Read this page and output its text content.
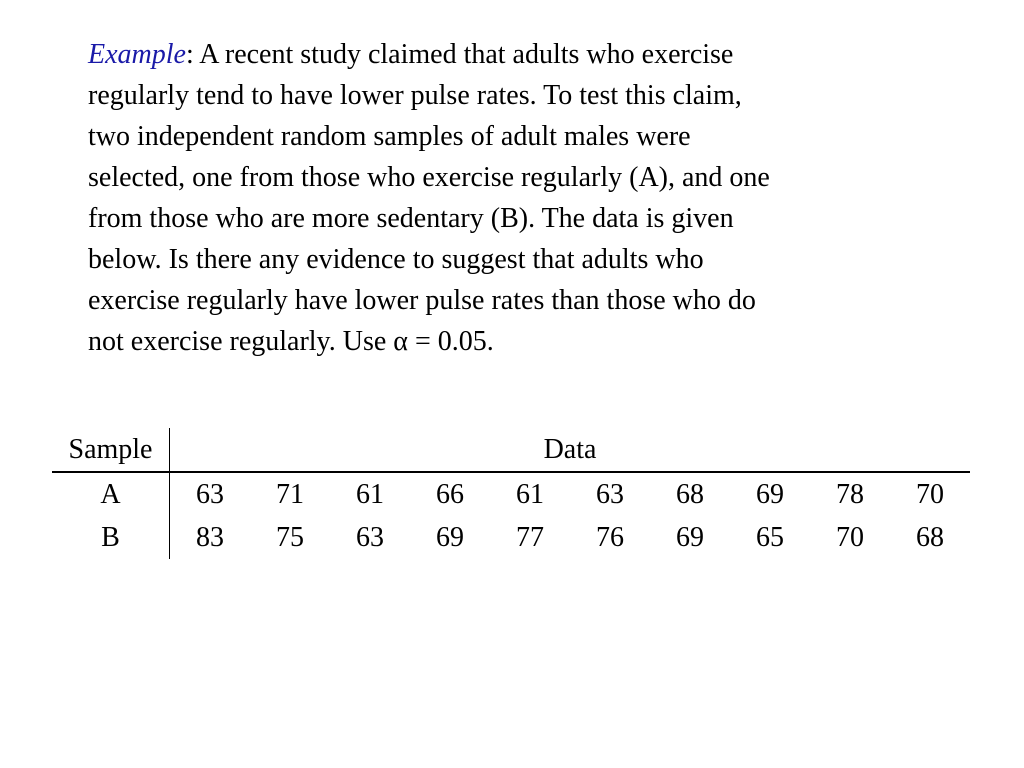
Example: A recent study claimed that adults who exercise
regularly tend to have lower pulse rates. To test this claim,
two independent random samples of adult males were
selected, one from those who exercise regularly (A), and one
from those who are more sedentary (B). The data is given
below. Is there any evidence to suggest that adults who
exercise regularly have lower pulse rates than those who do
not exercise regularly. Use α = 0.05.
Sample	Data									
A	63	71	61	66	61	63	68	69	78	70
B	83	75	63	69	77	76	69	65	70	68
